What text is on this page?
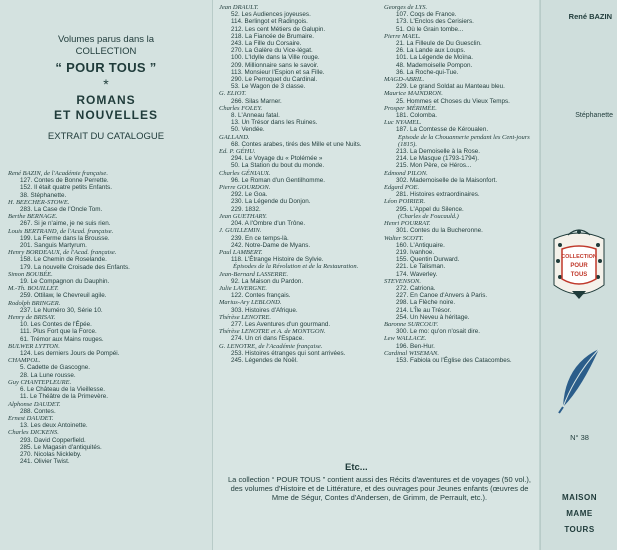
Volumes parus dans la
COLLECTION
“ POUR TOUS ”
*
ROMANS
ET NOUVELLES
EXTRAIT DU CATALOGUE
René BAZIN, de l'Académie française.
127. Contes de Bonne Perrette.
152. Il était quatre petits Enfants.
38. Stéphanette.
H. BEECHER-STOWE.
283. La Case de l'Oncle Tom.
Berthe BERNAGE.
267. Si je n'aime, je ne suis rien.
Louis BERTRAND, de l'Acad. française.
199. La Ferme dans la Brousse.
201. Sanguis Martyrum.
Henry BORDEAUX, de l'Acad. française.
158. Le Chemin de Roselande.
179. La nouvelle Croisade des Enfants.
Simon BOUBÉE.
19. Le Compagnon du Dauphin.
M.-Th. BOUILLET.
259. Ottilaw, le Chevreuil agile.
Rodolph BRINGER.
237. Le Numéro 30, Série 10.
Henry de BRISAY.
10. Les Contes de l'Épée.
111. Plus Fort que la Force.
61. Trémor aux Mains rouges.
BULWER LYTTON.
124. Les derniers Jours de Pompéi.
CHAMPOL.
5. Cadette de Gascogne.
28. La Lune rousse.
Guy CHANTEPLEURE.
6. Le Château de la Vieillesse.
11. Le Théâtre de la Primevère.
Alphonse DAUDET.
288. Contes.
Ernest DAUDET.
13. Les deux Antoinette.
Charles DICKENS.
293. David Copperfield.
285. Le Magasin d'antiquités.
270. Nicolas Nickleby.
241. Olivier Twist.
Jean DRAULT.
52. Les Audiences joyeuses.
114. Berlingot et Radingois.
212. Les cent Métiers de Galupin.
218. La Fiancée de Brumaire.
243. La Fille du Corsaire.
270. La Galère du Vice-légat.
100. L'Idylle dans la Ville rouge.
209. Millionnaire sans le savoir.
113. Monsieur l'Espion et sa Fille.
290. Le Perroquet du Cardinal.
53. Le Wagon de 3 classe.
G. ELIOT.
266. Silas Marner.
Charles FOLEY.
8. L'Anneau fatal.
13. Un Trésor dans les Ruines.
50. Vendée.
GALLAND.
68. Contes arabes, tirés des Mille et une Nuits.
Ed. P. GÉHU.
294. Le Voyage du « Ptolémée »
50. La Station du bout du monde.
Charles GÉNIAUX.
96. Le Roman d'un Gentilhomme.
Pierre GOURDON.
292. Le Goa.
230. La Légende du Donjon.
229. 1832.
Jean GUETHARY.
204. A l'Ombre d'un Trône.
J. GUILLEMIN.
239. En ce temps-là.
242. Notre-Dame de Myans.
Paul LAMBERT.
118. L'Étrange Histoire de Sylvie.
Épisodes de la Révolution et de la Restauration.
Jean-Bernard LASSERRE.
92. La Maison du Pardon.
Julie LAVERGNE.
122. Contes français.
Marius-Ary LEBLOND.
303. Histoires d'Afrique.
Thérèse LENOTRE.
277. Les Aventures d'un gourmand.
Thérèse LENOTRE et A. de MONTGON.
274. Un cri dans l'Espace.
G. LENOTRE, de l'Académie française.
253. Histoires étranges qui sont arrivées.
245. Légendes de Noël.
Georges de LYS.
107. Coqs de France.
173. L'Enclos des Cerisiers.
51. Où le Grain tombe...
Pierre MAEL.
21. La Filleule de Du Guesclin.
26. La Lande aux Loups.
101. La Légende de Moïna.
48. Mademoiselle Pompon.
36. La Roche-qui-Tue.
MAGD-ABRIL.
229. Le grand Soldat au Manteau bleu.
Maurice MAINDRON.
25. Hommes et Choses du Vieux Temps.
Prosper MÉRIMÉE.
181. Colomba.
Luc NYAMEL.
187. La Comtesse de Kéroualen.
Episode de la Chouannerie pendant les Cent-jours (1815).
213. La Demoiselle à la Rose.
214. Le Masque (1793-1794).
215. Mon Père, ce Héros...
Edmond PILON.
302. Mademoiselle de la Maisonfort.
Edgard POE.
281. Histoires extraordinaires.
Léon POIRIER.
295. L'Appel du Silence.
(Charles de Foucauld.)
Henri POURRAT.
301. Contes du la Bucheronne.
Walter SCOTT.
160. L'Antiquaire.
219. Ivanhoe.
155. Quentin Durward.
221. Le Talisman.
174. Waverley.
STEVENSON.
272. Catriona.
227. En Canoe d'Anvers à Paris.
298. La Flèche noire.
214. L'Île au Trésor.
254. Un Neveu à héritage.
Baronne SURCOUF.
300. Le mo: qu'on n'osait dire.
Lew WALLACE.
196. Ben-Hur.
Cardinal WISEMAN.
153. Fabiola ou l'Église des Catacombes.
Etc...
La collection “ POUR TOUS ” contient aussi des Récits d'aventures et de voyages (50 vol.), des volumes d'Histoire et de Littérature, et des ouvrages pour Jeunes enfants (œuvres de Mme de Ségur, Contes d'Andersen, de Grimm, de Perrault, etc.).
René BAZIN
Stéphanette
COLLECTION
POUR
TOUS
N° 38
MAISON
MAME
TOURS
